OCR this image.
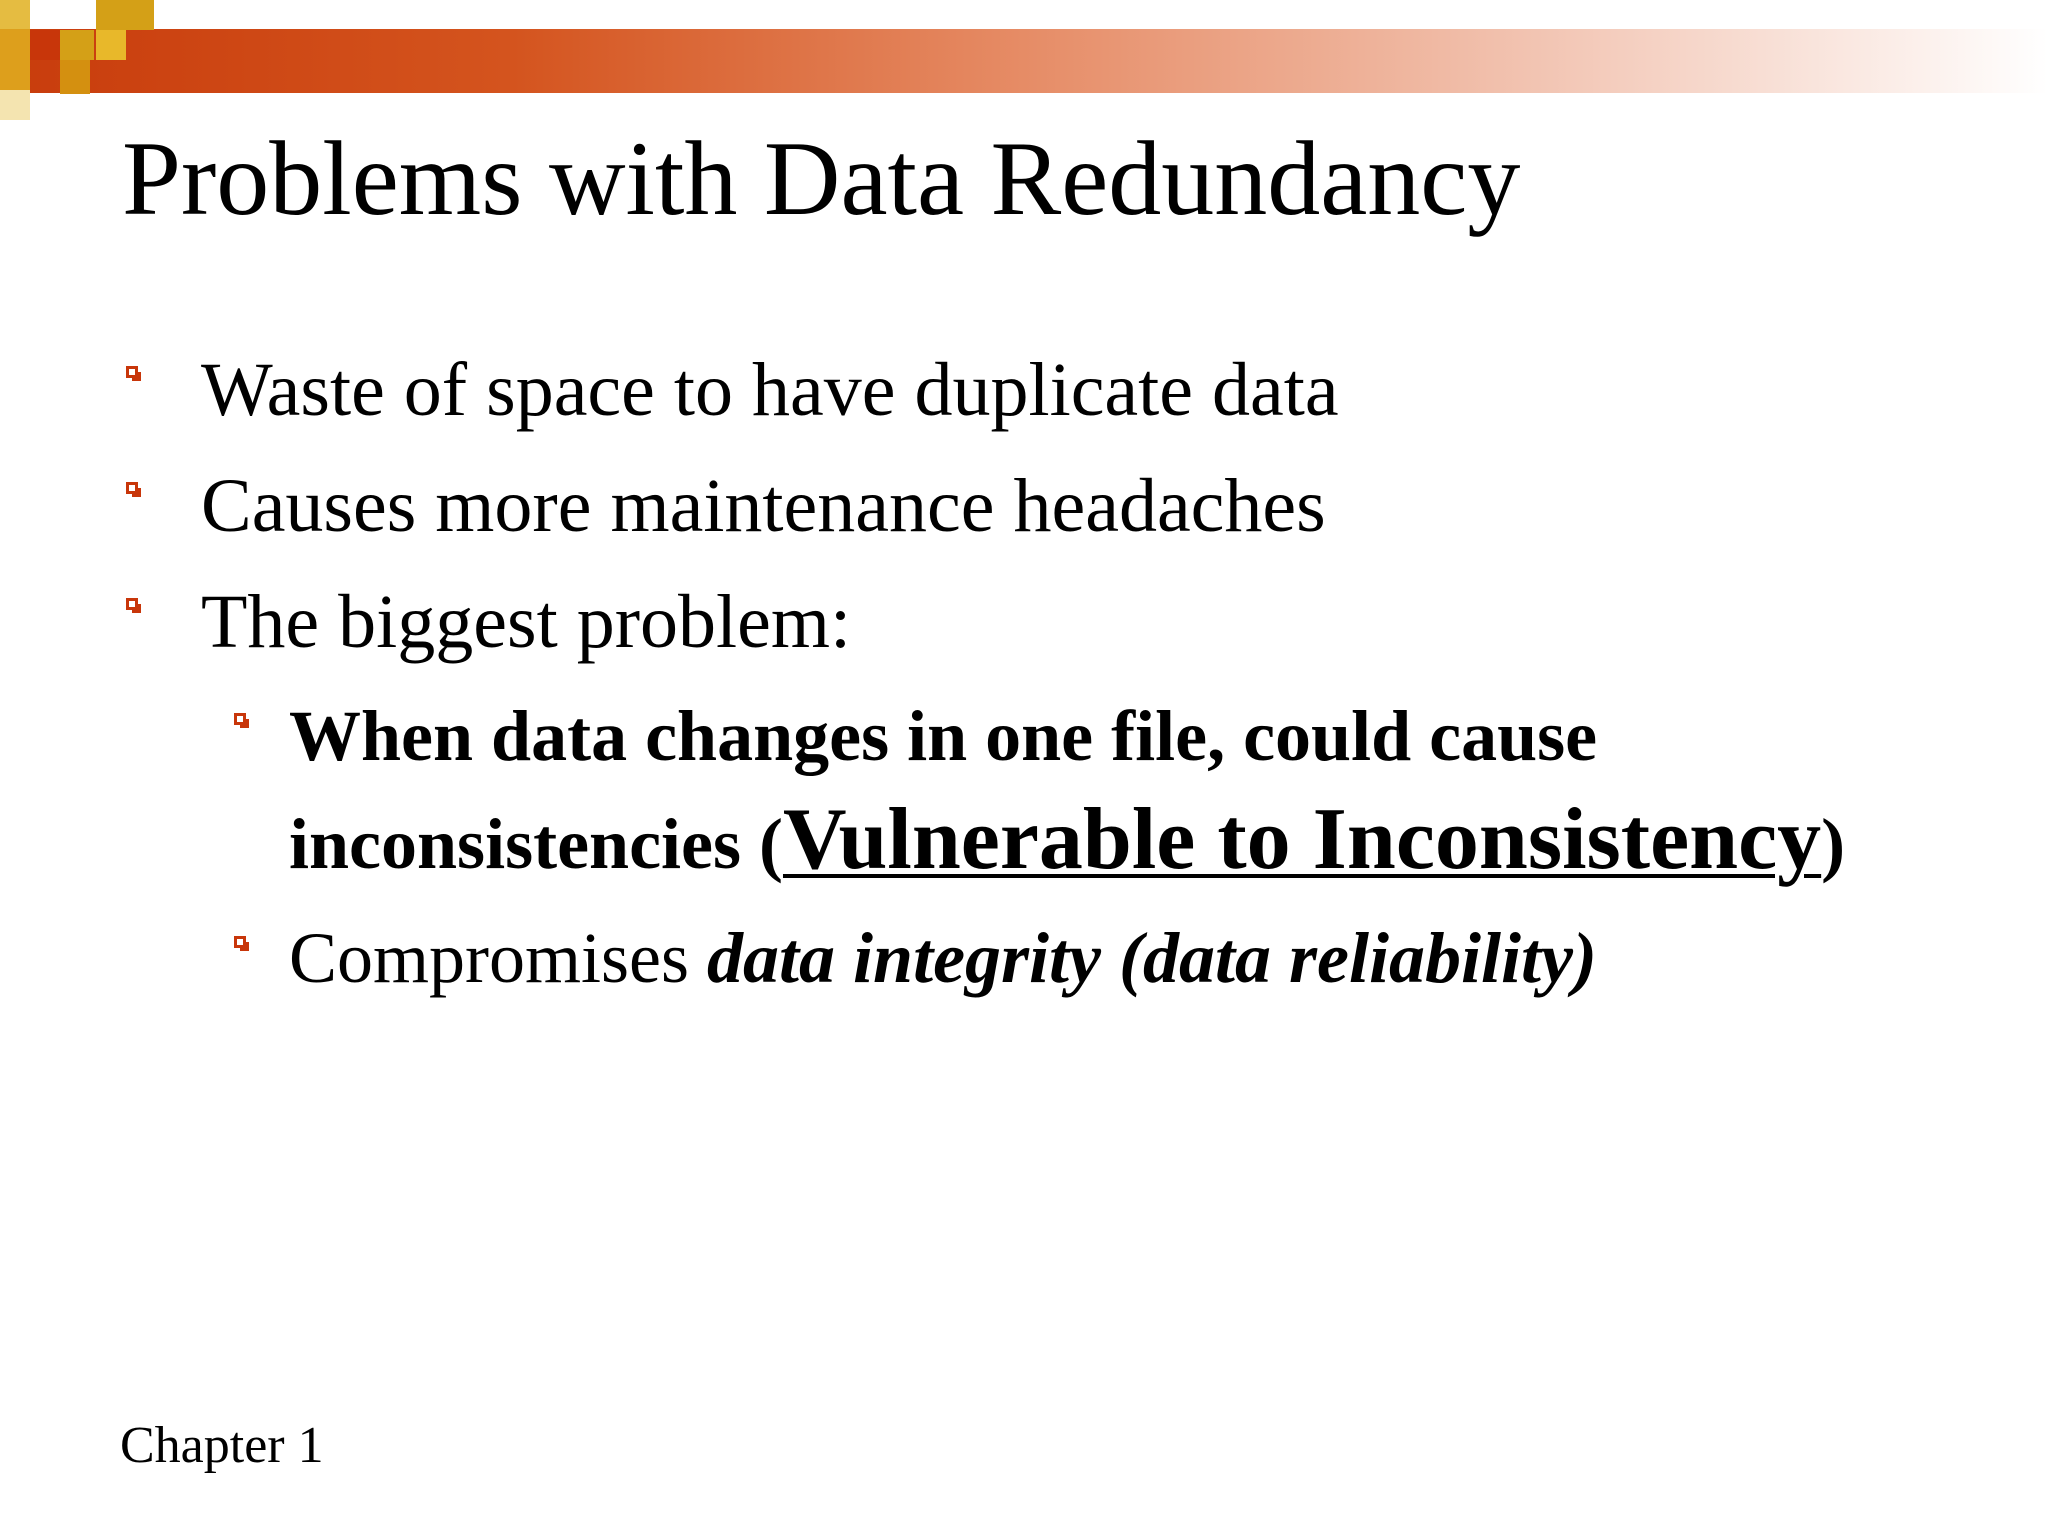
Problems with Data Redundancy
Waste of space to have duplicate data
Causes more maintenance headaches
The biggest problem:
When data changes in one file, could cause
inconsistencies (Vulnerable to Inconsistency)
Compromises data integrity (data reliability)
Chapter 1
